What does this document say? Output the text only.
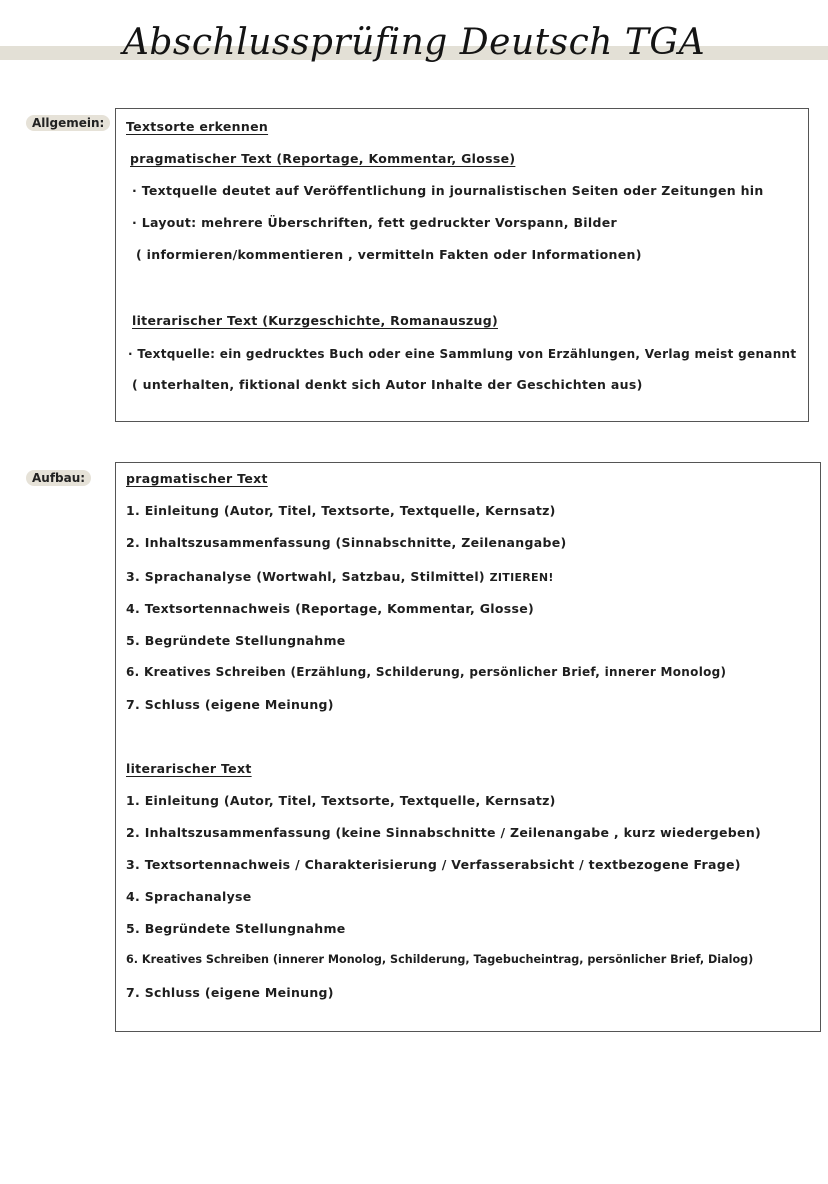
Abschlussprüfing Deutsch TGA
Allgemein:	Textsorte erkennen
pragmatischer Text (Reportage, Kommentar, Glosse)
· Textquelle deutet auf Veröffentlichung in journalistischen Seiten oder Zeitungen hin
· Layout: mehrere Überschriften, fett gedruckter Vorspann, Bilder
( informieren/kommentieren , vermitteln Fakten oder Informationen)
literarischer Text (Kurzgeschichte, Romanauszug)
· Textquelle: ein gedrucktes Buch oder eine Sammlung von Erzählungen, Verlag meist genannt
( unterhalten, fiktional denkt sich Autor Inhalte der Geschichten aus)
Aufbau:	pragmatischer Text
1. Einleitung (Autor, Titel, Textsorte, Textquelle, Kernsatz)
2. Inhaltszusammenfassung (Sinnabschnitte, Zeilenangabe)
3. Sprachanalyse (Wortwahl, Satzbau, Stilmittel) ZITIEREN!
4. Textsortennachweis (Reportage, Kommentar, Glosse)
5. Begründete Stellungnahme
6. Kreatives Schreiben (Erzählung, Schilderung, persönlicher Brief, innerer Monolog)
7. Schluss (eigene Meinung)
literarischer Text
1. Einleitung (Autor, Titel, Textsorte, Textquelle, Kernsatz)
2. Inhaltszusammenfassung (keine Sinnabschnitte / Zeilenangabe , kurz wiedergeben)
3. Textsortennachweis / Charakterisierung / Verfasserabsicht / textbezogene Frage)
4. Sprachanalyse
5. Begründete Stellungnahme
6. Kreatives Schreiben (innerer Monolog, Schilderung, Tagebucheintrag, persönlicher Brief, Dialog)
7. Schluss (eigene Meinung)
